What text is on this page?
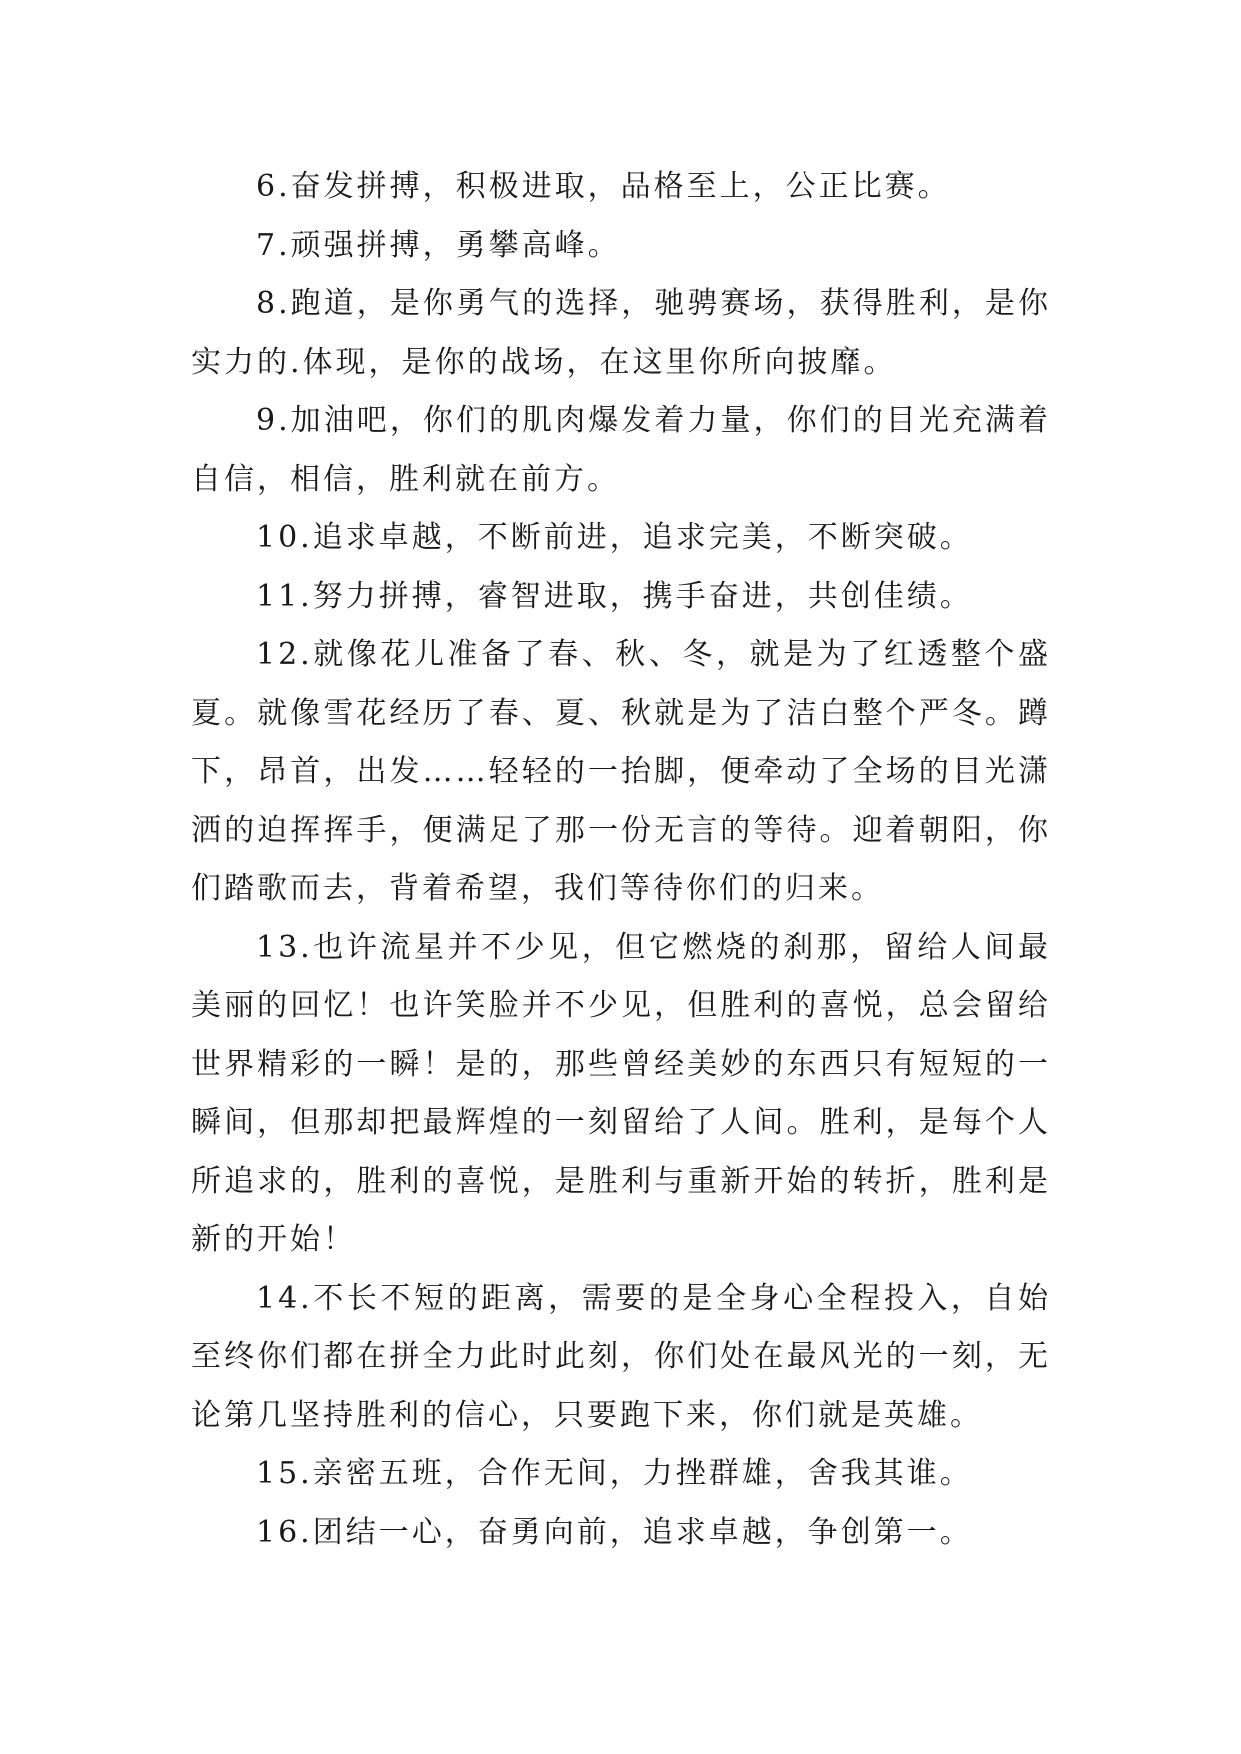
6.奋发拼搏，积极进取，品格至上，公正比赛。

7.顽强拼搏，勇攀高峰。

8.跑道，是你勇气的选择，驰骋赛场，获得胜利，是你实力的.体现，是你的战场，在这里你所向披靡。

9.加油吧，你们的肌肉爆发着力量，你们的目光充满着自信，相信，胜利就在前方。

10.追求卓越，不断前进，追求完美，不断突破。

11.努力拼搏，睿智进取，携手奋进，共创佳绩。

12.就像花儿准备了春、秋、冬，就是为了红透整个盛夏。就像雪花经历了春、夏、秋就是为了洁白整个严冬。蹲下，昂首，出发……轻轻的一抬脚，便牵动了全场的目光潇洒的迫挥挥手，便满足了那一份无言的等待。迎着朝阳，你们踏歌而去，背着希望，我们等待你们的归来。

13.也许流星并不少见，但它燃烧的刹那，留给人间最美丽的回忆！也许笑脸并不少见，但胜利的喜悦，总会留给世界精彩的一瞬！是的，那些曾经美妙的东西只有短短的一瞬间，但那却把最辉煌的一刻留给了人间。胜利，是每个人所追求的，胜利的喜悦，是胜利与重新开始的转折，胜利是新的开始！

14.不长不短的距离，需要的是全身心全程投入，自始至终你们都在拼全力此时此刻，你们处在最风光的一刻，无论第几坚持胜利的信心，只要跑下来，你们就是英雄。

15.亲密五班，合作无间，力挫群雄，舍我其谁。

16.团结一心，奋勇向前，追求卓越，争创第一。
